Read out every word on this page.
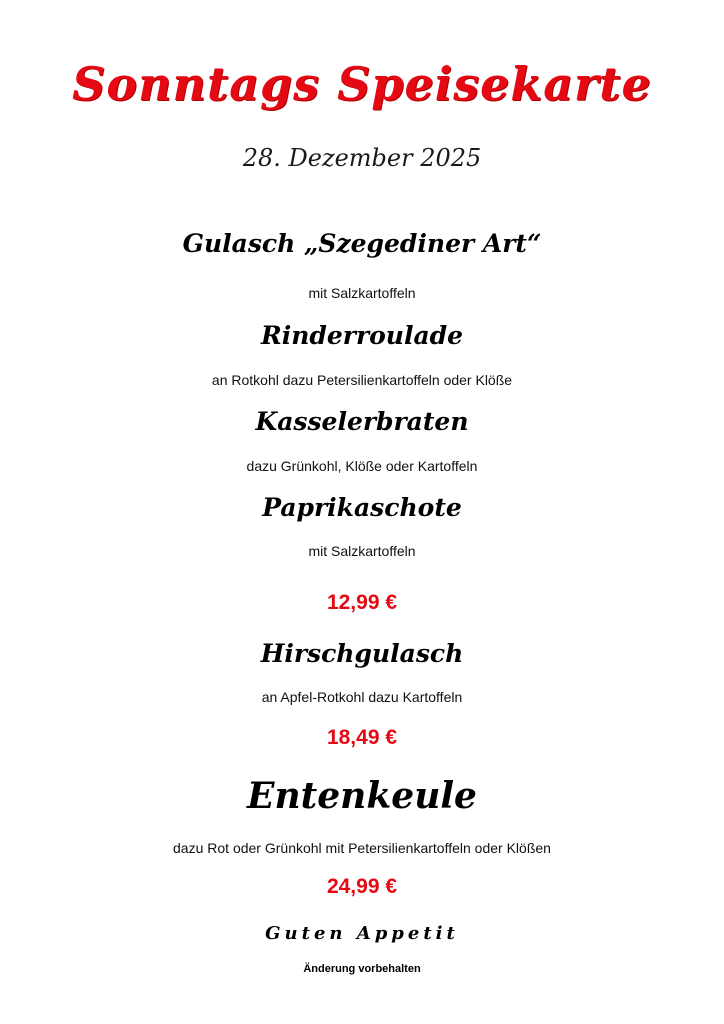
Sonntags Speisekarte
28. Dezember 2025
Gulasch „Szegediner Art“
mit Salzkartoffeln
Rinderroulade
an Rotkohl dazu Petersilienkartoffeln oder Klöße
Kasselerbraten
dazu Grünkohl, Klöße oder Kartoffeln
Paprikaschote
mit Salzkartoffeln
12,99 €
Hirschgulasch
an Apfel-Rotkohl dazu Kartoffeln
18,49 €
Entenkeule
dazu Rot oder Grünkohl mit Petersilienkartoffeln oder Klößen
24,99 €
Guten Appetit
Änderung vorbehalten
